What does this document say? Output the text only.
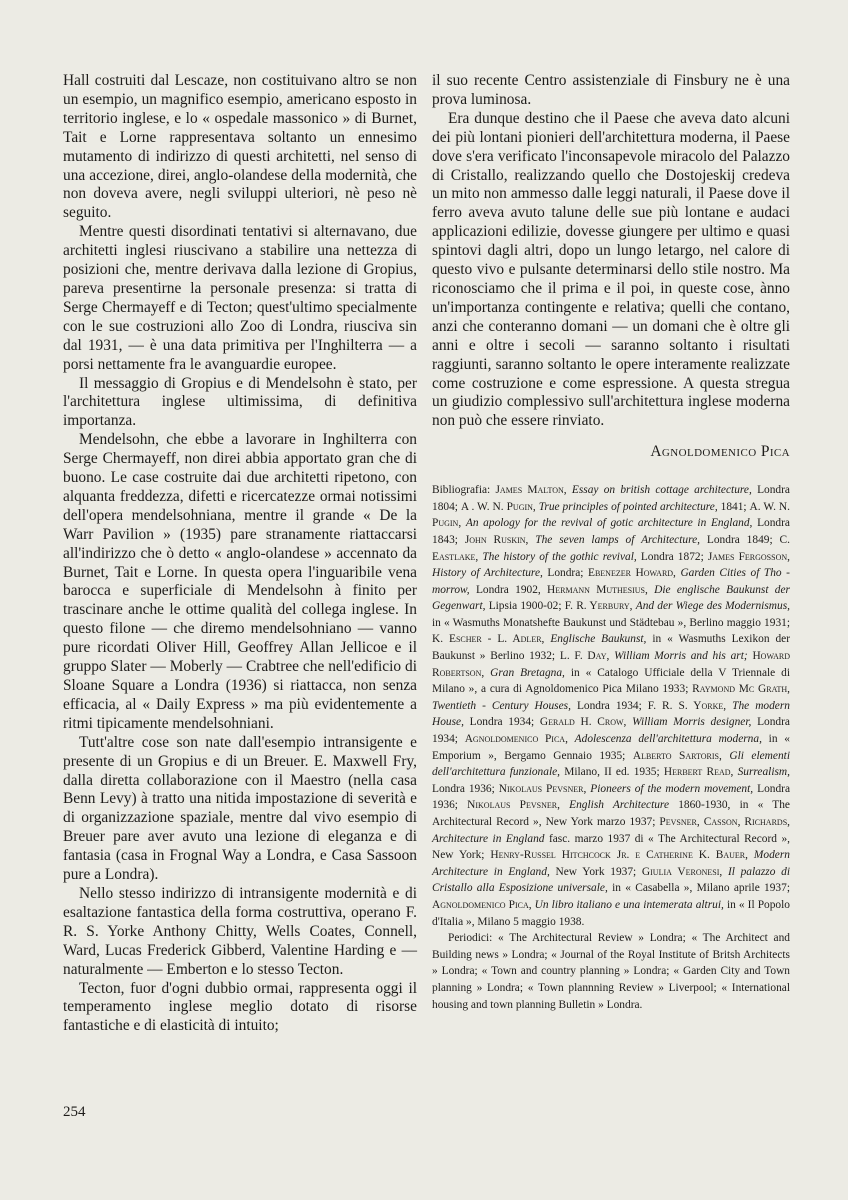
Hall costruiti dal Lescaze, non costituivano altro se non un esempio, un magnifico esempio, americano esposto in territorio inglese, e lo « ospedale massonico » di Burnet, Tait e Lorne rappresentava soltanto un ennesimo mutamento di indirizzo di questi architetti, nel senso di una accezione, direi, anglo-olandese della modernità, che non doveva avere, negli sviluppi ulteriori, nè peso nè seguito.

Mentre questi disordinati tentativi si alternavano, due architetti inglesi riuscivano a stabilire una nettezza di posizioni che, mentre derivava dalla lezione di Gropius, pareva presentirne la personale presenza: si tratta di Serge Chermayeff e di Tecton; quest'ultimo specialmente con le sue costruzioni allo Zoo di Londra, riusciva sin dal 1931, — è una data primitiva per l'Inghilterra — a porsi nettamente fra le avanguardie europee.

Il messaggio di Gropius e di Mendelsohn è stato, per l'architettura inglese ultimissima, di definitiva importanza.

Mendelsohn, che ebbe a lavorare in Inghilterra con Serge Chermayeff, non direi abbia apportato gran che di buono. Le case costruite dai due architetti ripetono, con alquanta freddezza, difetti e ricercatezze ormai notissimi dell'opera mendelsohniana, mentre il grande « De la Warr Pavilion » (1935) pare stranamente riattaccarsi all'indirizzo che ò detto « anglo-olandese » accennato da Burnet, Tait e Lorne. In questa opera l'inguaribile vena barocca e superficiale di Mendelsohn à finito per trascinare anche le ottime qualità del collega inglese. In questo filone — che diremo mendelsohniano — vanno pure ricordati Oliver Hill, Geoffrey Allan Jellicoe e il gruppo Slater — Moberly — Crabtree che nell'edificio di Sloane Square a Londra (1936) si riattacca, non senza efficacia, al « Daily Express » ma più evidentemente a ritmi tipicamente mendelsohniani.

Tutt'altre cose son nate dall'esempio intransigente e presente di un Gropius e di un Breuer. E. Maxwell Fry, dalla diretta collaborazione con il Maestro (nella casa Benn Levy) à tratto una nitida impostazione di severità e di organizzazione spaziale, mentre dal vivo esempio di Breuer pare aver avuto una lezione di eleganza e di fantasia (casa in Frognal Way a Londra, e Casa Sassoon pure a Londra).

Nello stesso indirizzo di intransigente modernità e di esaltazione fantastica della forma costruttiva, operano F. R. S. Yorke Anthony Chitty, Wells Coates, Connell, Ward, Lucas Frederick Gibberd, Valentine Harding e — naturalmente — Emberton e lo stesso Tecton.

Tecton, fuor d'ogni dubbio ormai, rappresenta oggi il temperamento inglese meglio dotato di risorse fantastiche e di elasticità di intuito;

il suo recente Centro assistenziale di Finsbury ne è una prova luminosa.

Era dunque destino che il Paese che aveva dato alcuni dei più lontani pionieri dell'architettura moderna, il Paese dove s'era verificato l'inconsapevole miracolo del Palazzo di Cristallo, realizzando quello che Dostojeskij credeva un mito non ammesso dalle leggi naturali, il Paese dove il ferro aveva avuto talune delle sue più lontane e audaci applicazioni edilizie, dovesse giungere per ultimo e quasi spintovi dagli altri, dopo un lungo letargo, nel calore di questo vivo e pulsante determinarsi dello stile nostro. Ma riconosciamo che il prima e il poi, in queste cose, ànno un'importanza contingente e relativa; quelli che contano, anzi che conteranno domani — un domani che è oltre gli anni e oltre i secoli — saranno soltanto i risultati raggiunti, saranno soltanto le opere interamente realizzate come costruzione e come espressione. A questa stregua un giudizio complessivo sull'architettura inglese moderna non può che essere rinviato.

Agnoldomenico Pica

Bibliografia: James Malton, Essay on british cottage architecture, Londra 1804; A . W. N. Pugin, True principles of pointed architecture, 1841; A. W. N. Pugin, An apology for the revival of gotic architecture in England, Londra 1843; John Ruskin, The seven lamps of Architecture, Londra 1849; C. Eastlake, The history of the gothic revival, Londra 1872; James Fergosson, History of Architecture, Londra; Ebenezer Howard, Garden Cities of Tho - morrow, Londra 1902, Hermann Muthesius, Die englische Baukunst der Gegenwart, Lipsia 1900-02; F. R. Yerbury, And der Wiege des Modernismus, in « Wasmuths Monatshefte Baukunst und Städtebau », Berlino maggio 1931; K. Escher - L. Adler, Englische Baukunst, in « Wasmuths Lexikon der Baukunst » Berlino 1932; L. F. Day, William Morris and his art; Howard Robertson, Gran Bretagna, in « Catalogo Ufficiale della V Triennale di Milano », a cura di Agnoldomenico Pica Milano 1933; Raymond Mc Grath, Twentieth - Century Houses, Londra 1934; F. R. S. Yorke, The modern House, Londra 1934; Gerald H. Crow, William Morris designer, Londra 1934; Agnoldomenico Pica, Adolescenza dell'architettura moderna, in « Emporium », Bergamo Gennaio 1935; Alberto Sartoris, Gli elementi dell'architettura funzionale, Milano, II ed. 1935; Herbert Read, Surrealism, Londra 1936; Nikolaus Pevsner, Pioneers of the modern movement, Londra 1936; Nikolaus Pevsner, English Architecture 1860-1930, in « The Architectural Record », New York marzo 1937; Pevsner, Casson, Richards, Architecture in England fasc. marzo 1937 di « The Architectural Record », New York; Henry-Russel Hitchcock Jr. e Catherine K. Bauer, Modern Architecture in England, New York 1937; Giulia Veronesi, Il palazzo di Cristallo alla Esposizione universale, in « Casabella », Milano aprile 1937; Agnoldomenico Pica, Un libro italiano e una intemerata altrui, in « Il Popolo d'Italia », Milano 5 maggio 1938.

Periodici: « The Architectural Review » Londra; « The Architect and Building news » Londra; « Journal of the Royal Institute of Britsh Architects » Londra; « Town and country planning » Londra; « Garden City and Town planning » Londra; « Town plannning Review » Liverpool; « International housing and town planning Bulletin » Londra.

254
